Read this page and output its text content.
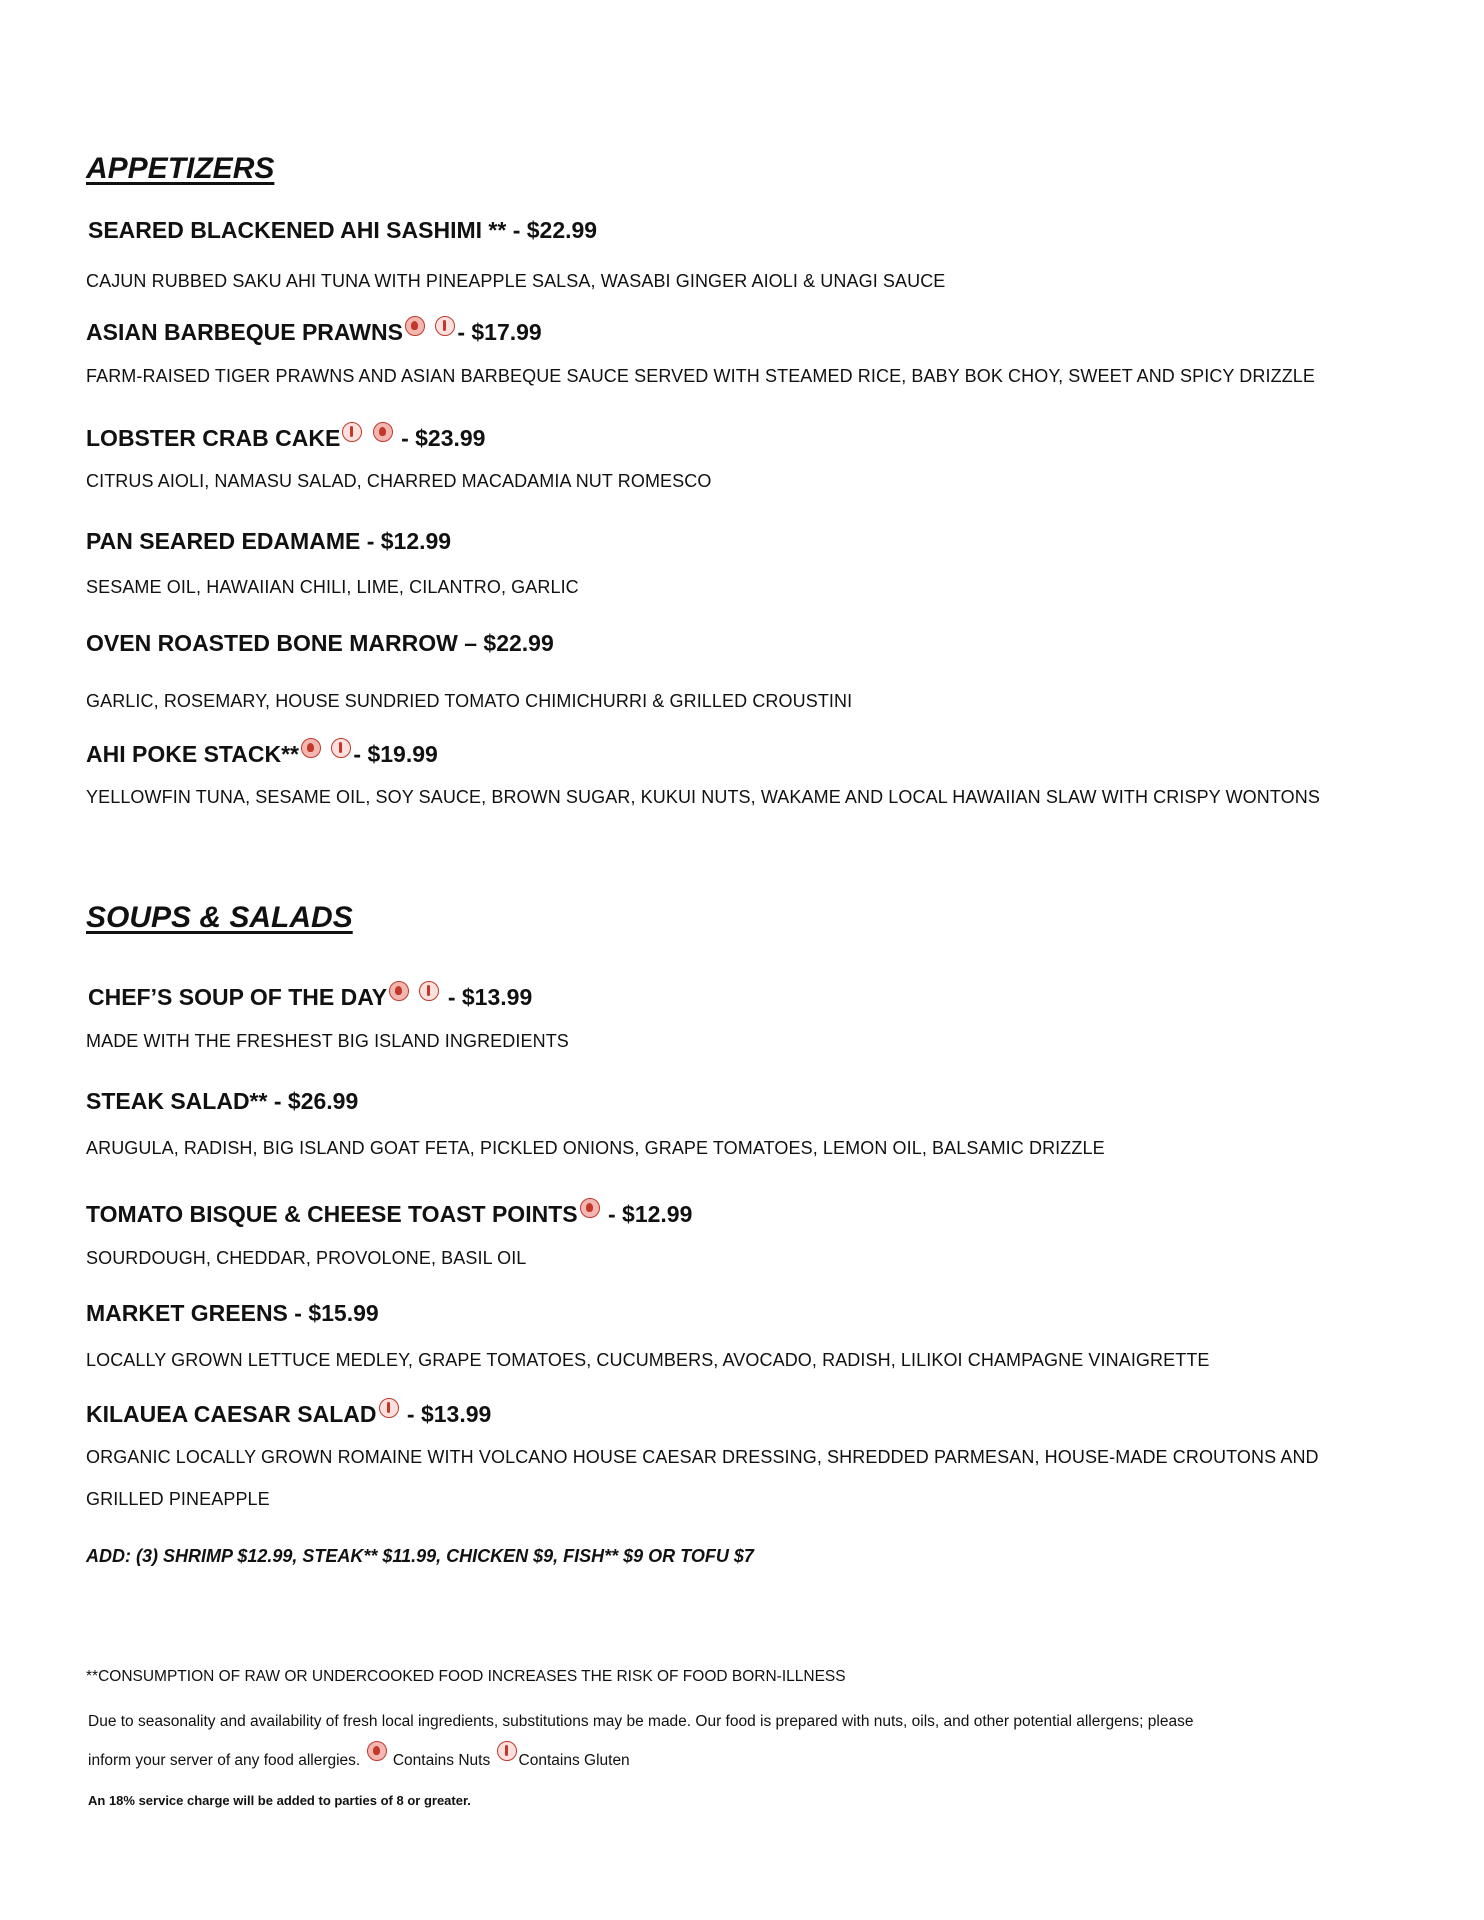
APPETIZERS

SEARED BLACKENED AHI SASHIMI ** - $22.99

CAJUN RUBBED SAKU AHI TUNA WITH PINEAPPLE SALSA, WASABI GINGER AIOLI & UNAGI SAUCE

ASIAN BARBEQUE PRAWNS - $17.99

FARM-RAISED TIGER PRAWNS AND ASIAN BARBEQUE SAUCE SERVED WITH STEAMED RICE, BABY BOK CHOY, SWEET AND SPICY DRIZZLE

LOBSTER CRAB CAKE	- $23.99

CITRUS AIOLI, NAMASU SALAD, CHARRED MACADAMIA NUT ROMESCO

PAN SEARED EDAMAME - $12.99

SESAME OIL, HAWAIIAN CHILI, LIME, CILANTRO, GARLIC

OVEN ROASTED BONE MARROW – $22.99

GARLIC, ROSEMARY, HOUSE SUNDRIED TOMATO CHIMICHURRI & GRILLED CROUSTINI

AHI POKE STACK** - $19.99

YELLOWFIN TUNA, SESAME OIL, SOY SAUCE, BROWN SUGAR, KUKUI NUTS, WAKAME AND LOCAL HAWAIIAN SLAW WITH CRISPY WONTONS

SOUPS & SALADS

CHEF’S SOUP OF THE DAY  - $13.99

MADE WITH THE FRESHEST BIG ISLAND INGREDIENTS

STEAK SALAD** - $26.99

ARUGULA, RADISH, BIG ISLAND GOAT FETA, PICKLED ONIONS, GRAPE TOMATOES, LEMON OIL, BALSAMIC DRIZZLE

TOMATO BISQUE & CHEESE TOAST POINTS - $12.99

SOURDOUGH, CHEDDAR, PROVOLONE, BASIL OIL

MARKET GREENS - $15.99

LOCALLY GROWN LETTUCE MEDLEY, GRAPE TOMATOES, CUCUMBERS, AVOCADO, RADISH, LILIKOI CHAMPAGNE VINAIGRETTE

KILAUEA CAESAR SALAD - $13.99

ORGANIC LOCALLY GROWN ROMAINE WITH VOLCANO HOUSE CAESAR DRESSING, SHREDDED PARMESAN, HOUSE-MADE CROUTONS AND

GRILLED PINEAPPLE

ADD: (3) SHRIMP $12.99, STEAK** $11.99, CHICKEN $9, FISH** $9 OR TOFU $7

**CONSUMPTION OF RAW OR UNDERCOOKED FOOD INCREASES THE RISK OF FOOD BORN-ILLNESS

Due to seasonality and availability of fresh local ingredients, substitutions may be made. Our food is prepared with nuts, oils, and other potential allergens; please

inform your server of any food allergies. Contains Nuts Contains Gluten

An 18% service charge will be added to parties of 8 or greater.
